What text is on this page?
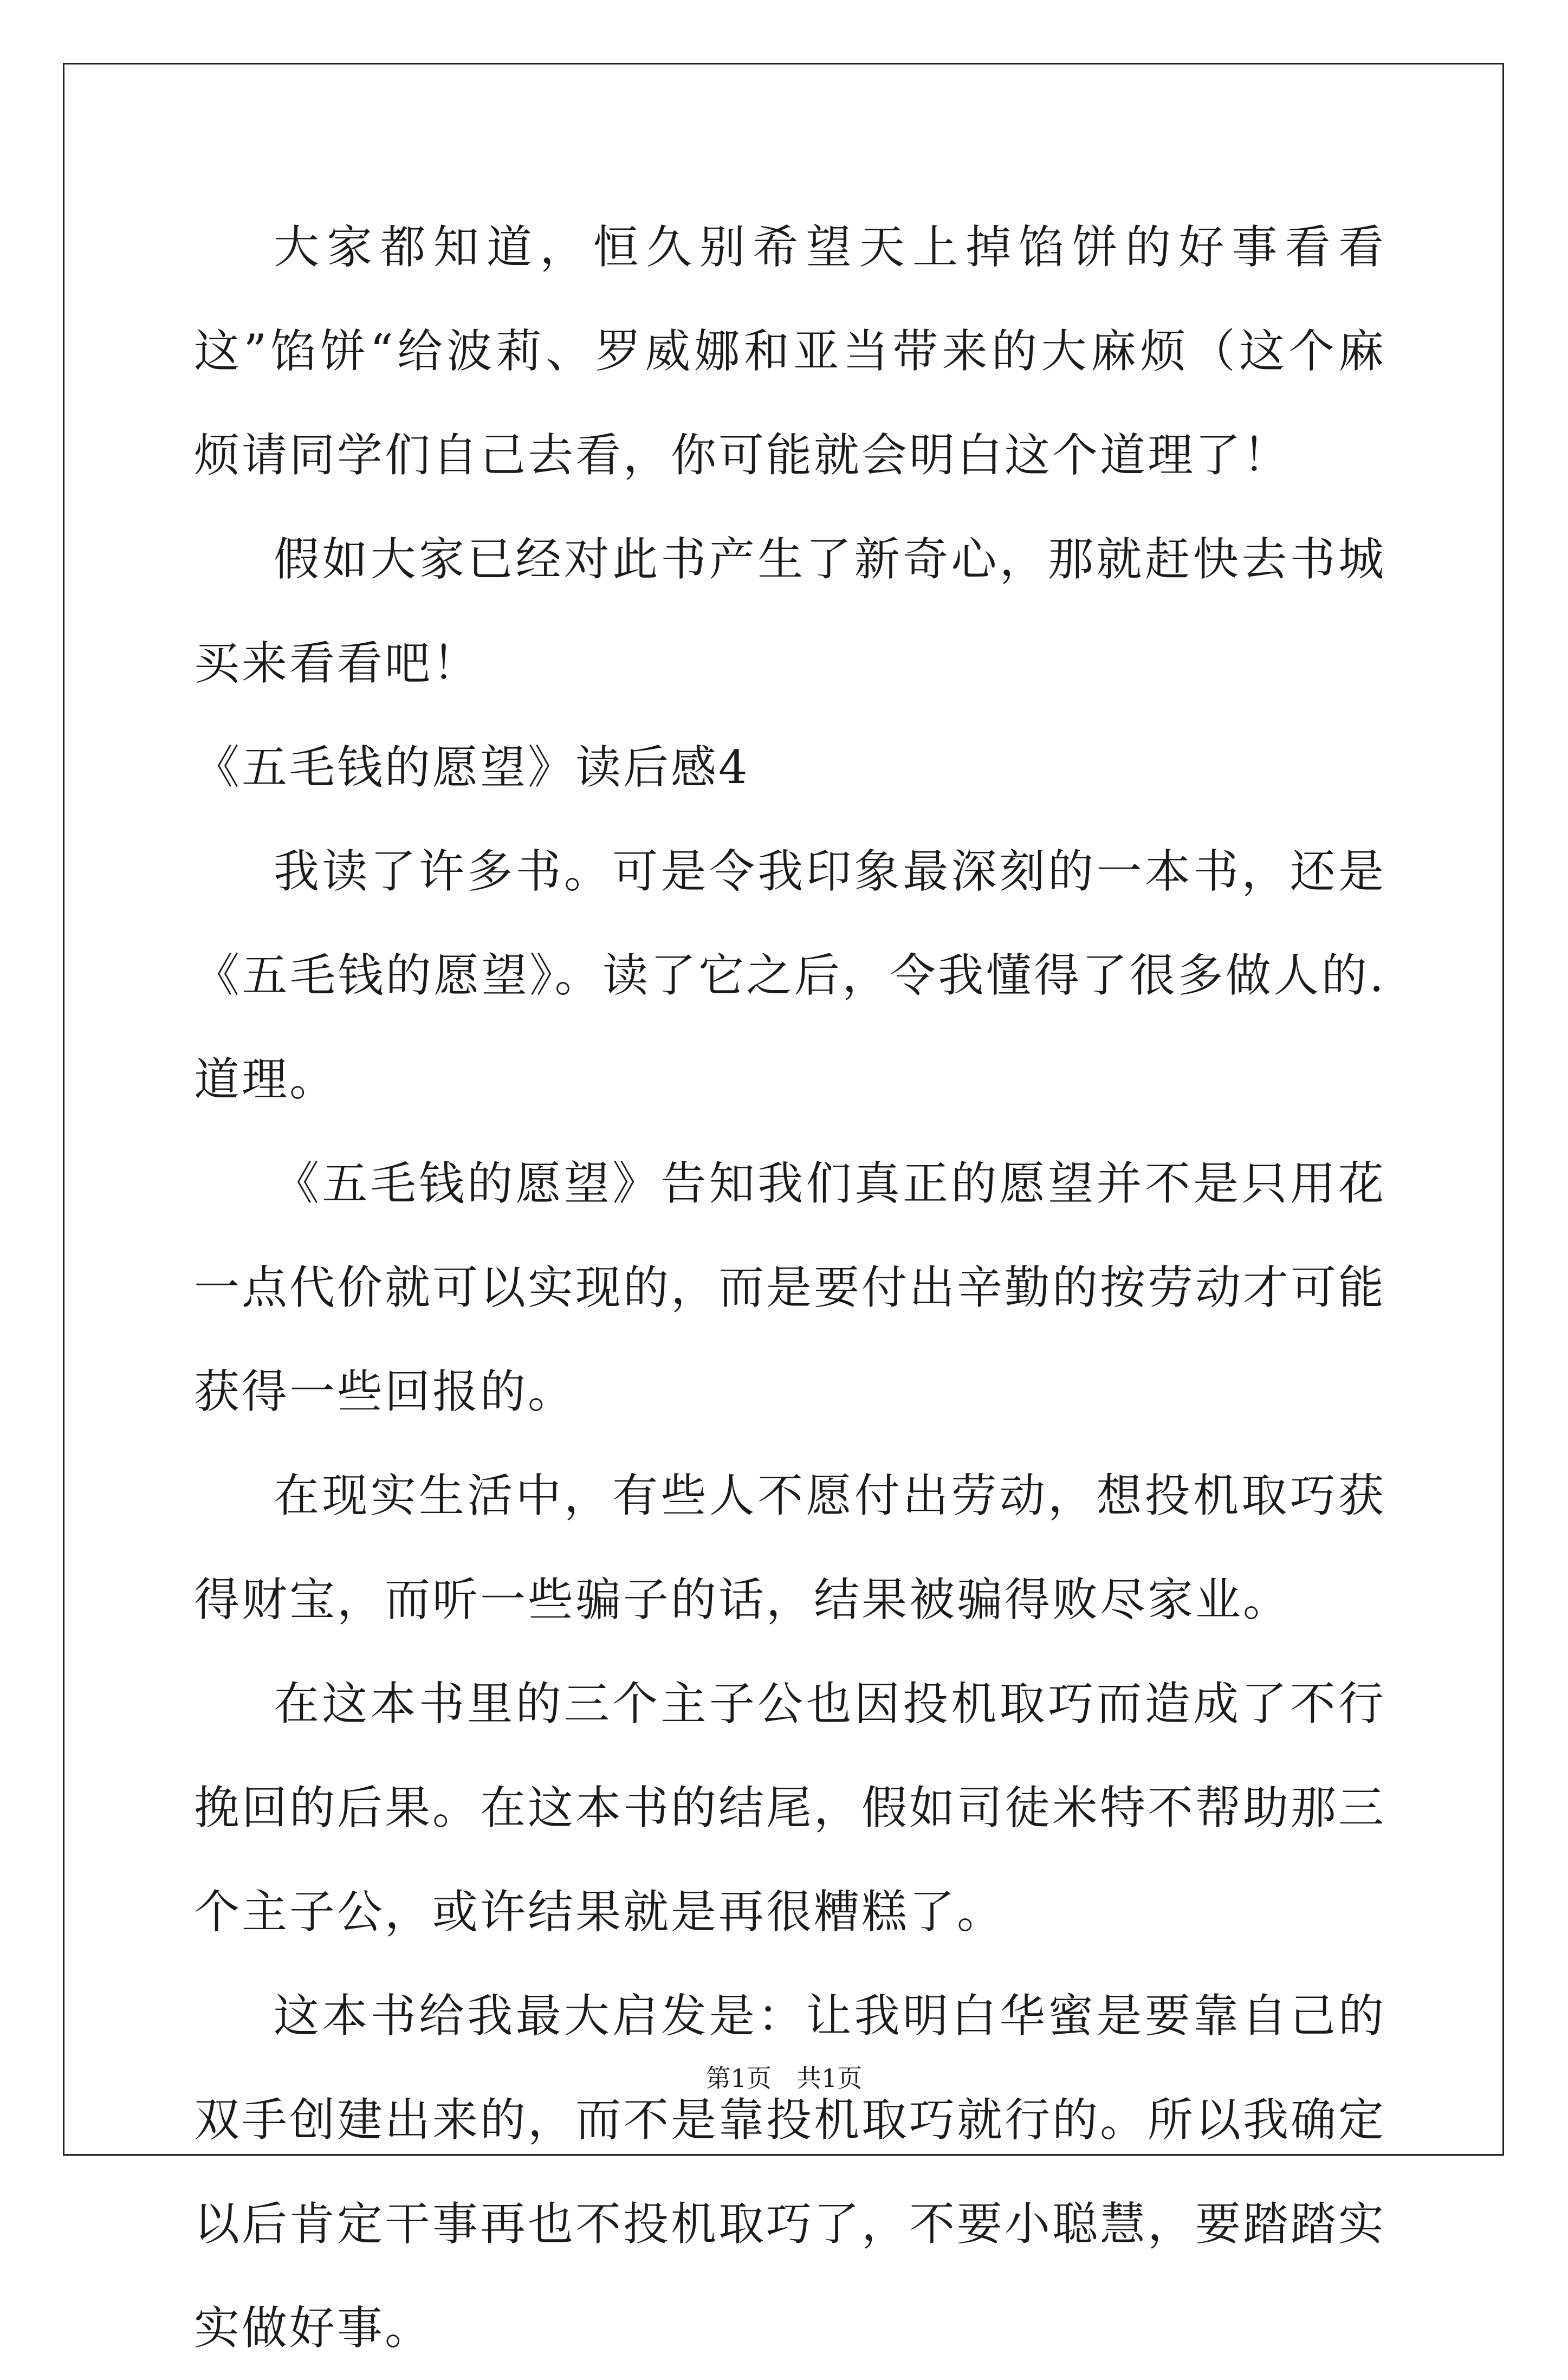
大家都知道，恒久别希望天上掉馅饼的好事看看这”馅饼“给波莉、罗威娜和亚当带来的大麻烦（这个麻烦请同学们自己去看，你可能就会明白这个道理了！

假如大家已经对此书产生了新奇心，那就赶快去书城买来看看吧！

《五毛钱的愿望》读后感4

我读了许多书。可是令我印象最深刻的一本书，还是《五毛钱的愿望》。读了它之后，令我懂得了很多做人的.道理。

《五毛钱的愿望》告知我们真正的愿望并不是只用花一点代价就可以实现的，而是要付出辛勤的按劳动才可能获得一些回报的。

在现实生活中，有些人不愿付出劳动，想投机取巧获得财宝，而听一些骗子的话，结果被骗得败尽家业。

在这本书里的三个主子公也因投机取巧而造成了不行挽回的后果。在这本书的结尾，假如司徒米特不帮助那三个主子公，或许结果就是再很糟糕了。

这本书给我最大启发是：让我明白华蜜是要靠自己的双手创建出来的，而不是靠投机取巧就行的。所以我确定以后肯定干事再也不投机取巧了，不要小聪慧，要踏踏实实做好事。

第1页 共1页
